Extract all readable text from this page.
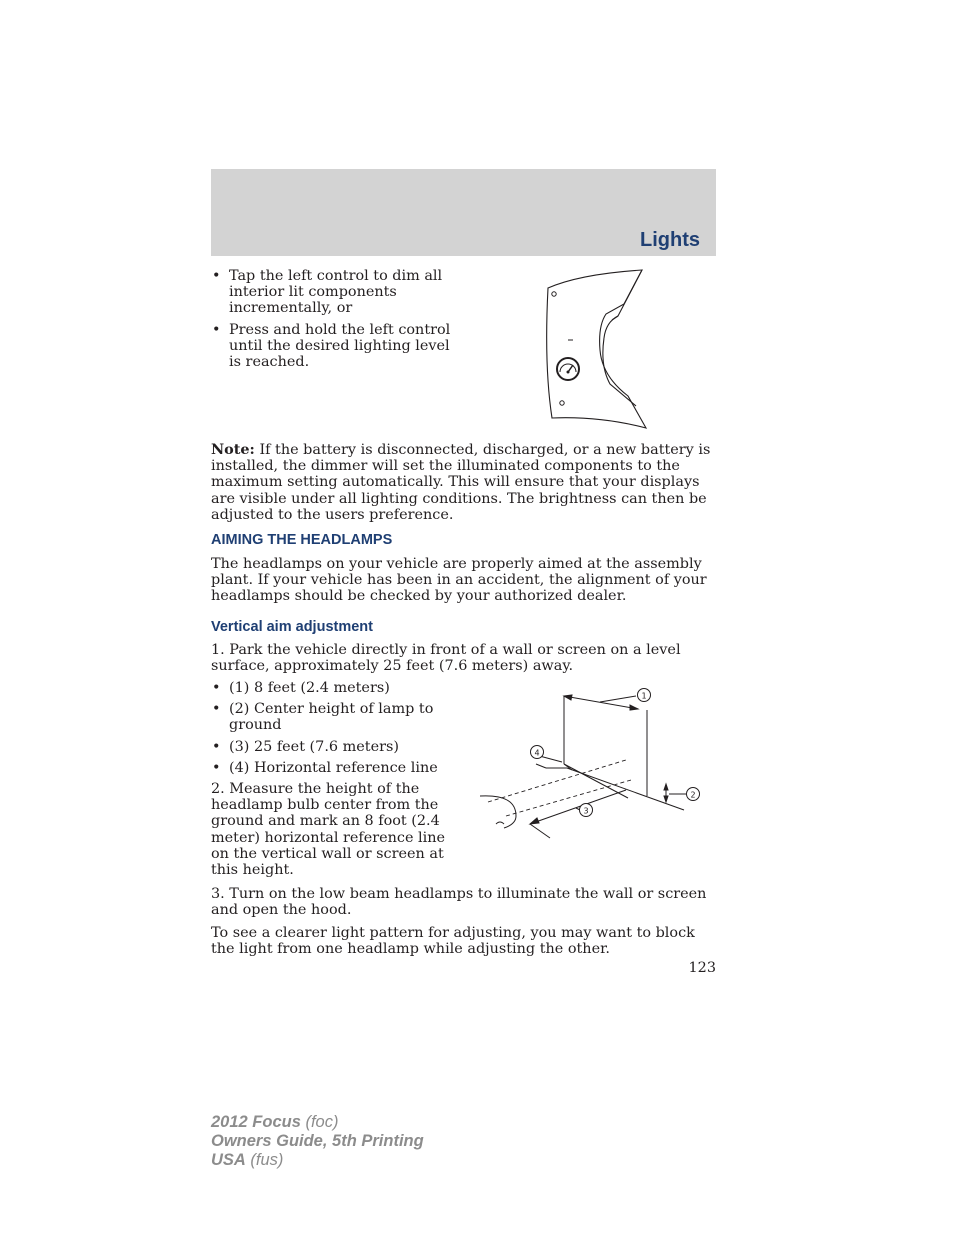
Lights
• Tap the left control to dim all interior lit components incrementally, or
• Press and hold the left control until the desired lighting level is reached.

Note: If the battery is disconnected, discharged, or a new battery is installed, the dimmer will set the illuminated components to the maximum setting automatically. This will ensure that your displays are visible under all lighting conditions. The brightness can then be adjusted to the users preference.

AIMING THE HEADLAMPS

The headlamps on your vehicle are properly aimed at the assembly plant. If your vehicle has been in an accident, the alignment of your headlamps should be checked by your authorized dealer.

Vertical aim adjustment

1. Park the vehicle directly in front of a wall or screen on a level surface, approximately 25 feet (7.6 meters) away.

• (1) 8 feet (2.4 meters)
• (2) Center height of lamp to ground
• (3) 25 feet (7.6 meters)
• (4) Horizontal reference line

2. Measure the height of the headlamp bulb center from the ground and mark an 8 foot (2.4 meter) horizontal reference line on the vertical wall or screen at this height.

1
2
3
4

3. Turn on the low beam headlamps to illuminate the wall or screen and open the hood.

To see a clearer light pattern for adjusting, you may want to block the light from one headlamp while adjusting the other.

123
2012 Focus (foc)
Owners Guide, 5th Printing
USA (fus)
